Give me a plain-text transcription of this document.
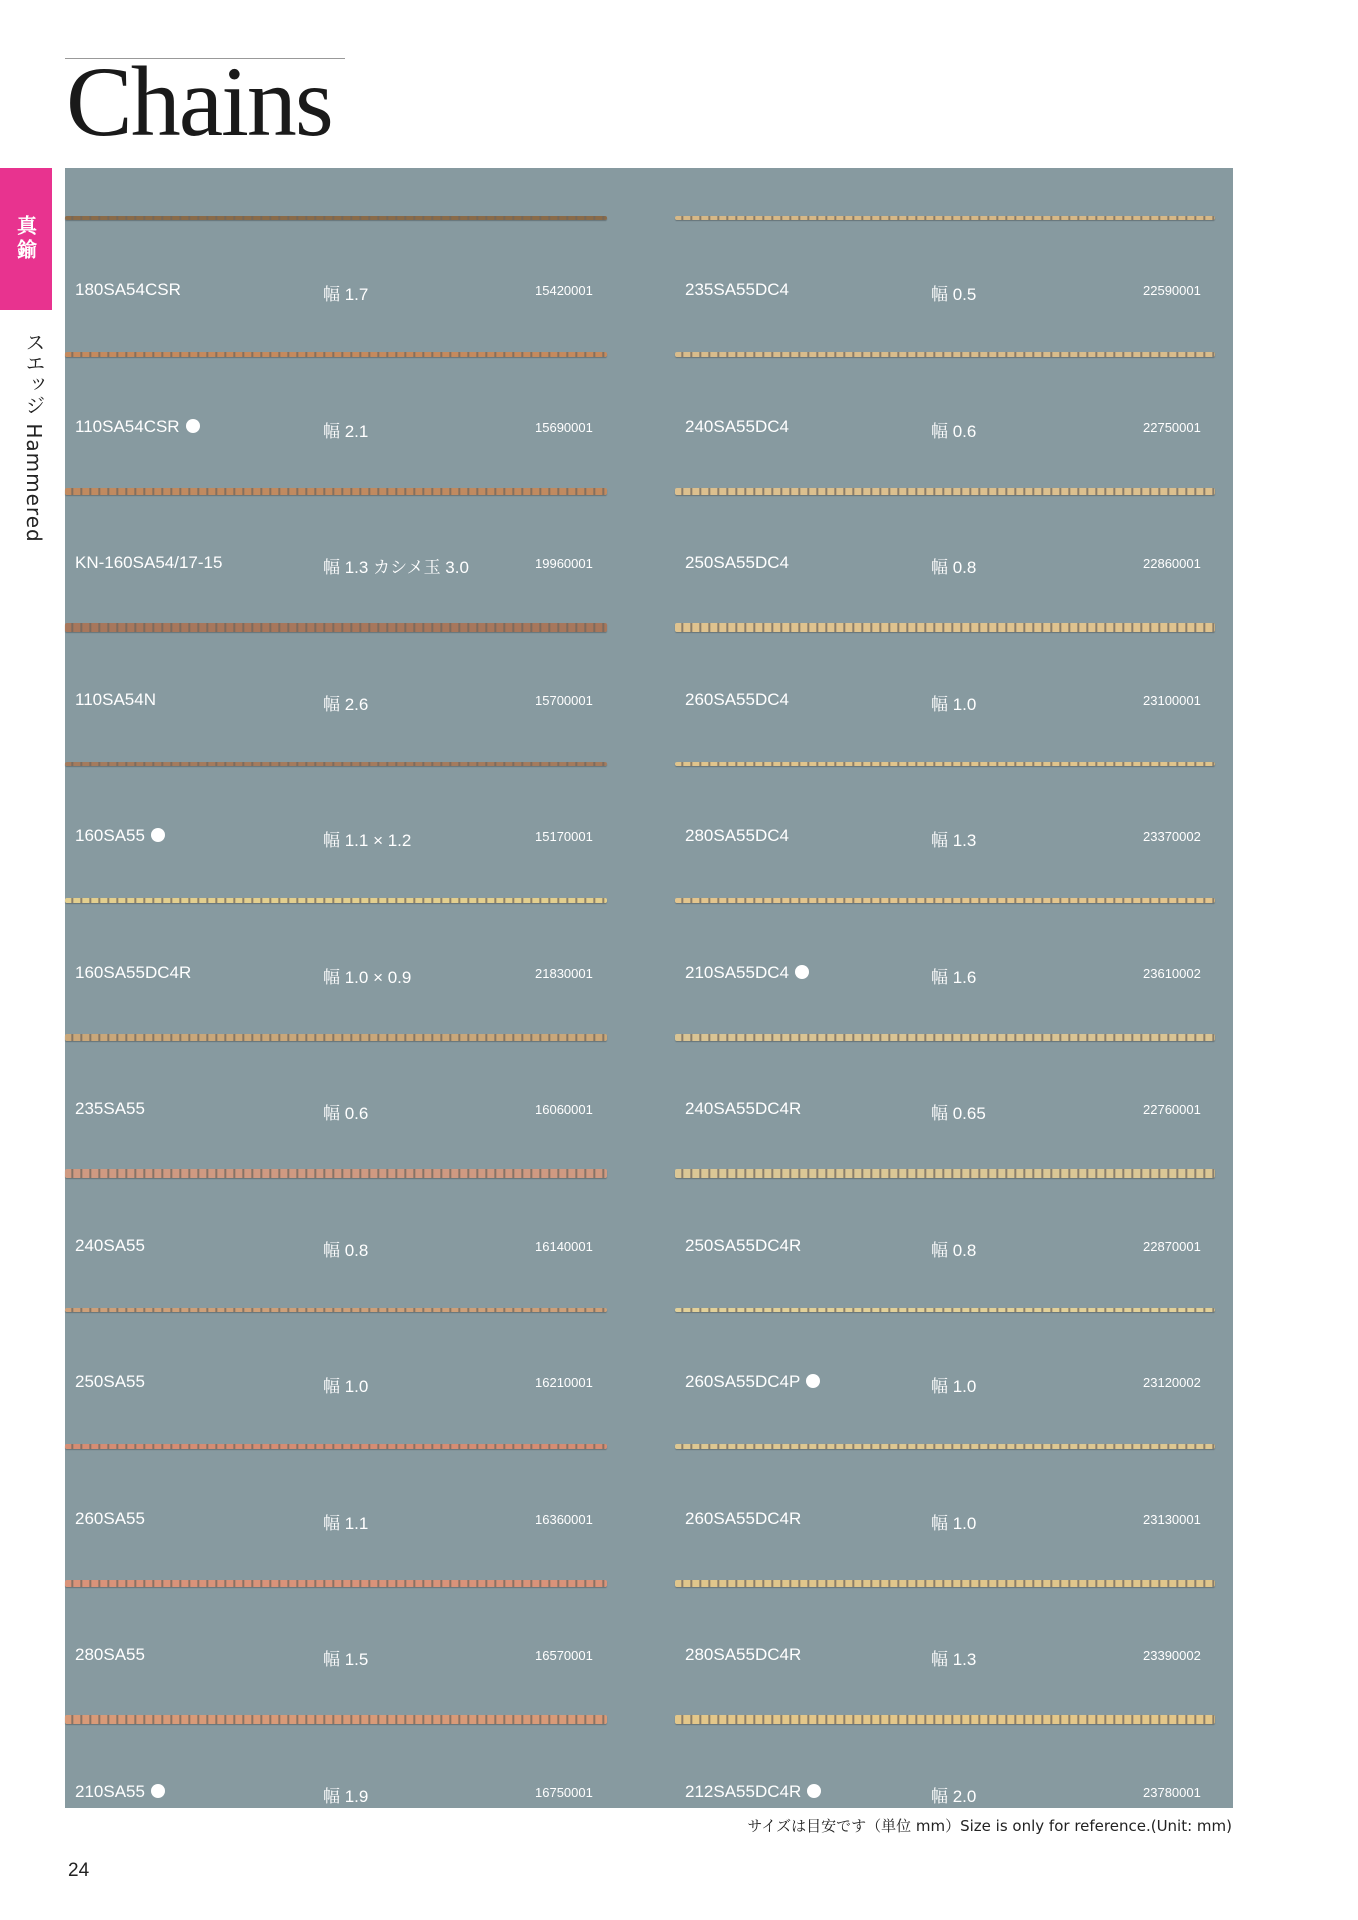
Chains
真鍮
スエッジ Hammered
180SA54CSR	幅 1.7	15420001
110SA54CSR	幅 2.1	15690001
KN-160SA54/17-15	幅 1.3 カシメ玉 3.0	19960001
110SA54N	幅 2.6	15700001
160SA55	幅 1.1 × 1.2	15170001
160SA55DC4R	幅 1.0 × 0.9	21830001
235SA55	幅 0.6	16060001
240SA55	幅 0.8	16140001
250SA55	幅 1.0	16210001
260SA55	幅 1.1	16360001
280SA55	幅 1.5	16570001
210SA55	幅 1.9	16750001
235SA55DC4	幅 0.5	22590001
240SA55DC4	幅 0.6	22750001
250SA55DC4	幅 0.8	22860001
260SA55DC4	幅 1.0	23100001
280SA55DC4	幅 1.3	23370002
210SA55DC4	幅 1.6	23610002
240SA55DC4R	幅 0.65	22760001
250SA55DC4R	幅 0.8	22870001
260SA55DC4P	幅 1.0	23120002
260SA55DC4R	幅 1.0	23130001
280SA55DC4R	幅 1.3	23390002
212SA55DC4R	幅 2.0	23780001
サイズは目安です（単位 mm）Size is only for reference.(Unit: mm)
24
